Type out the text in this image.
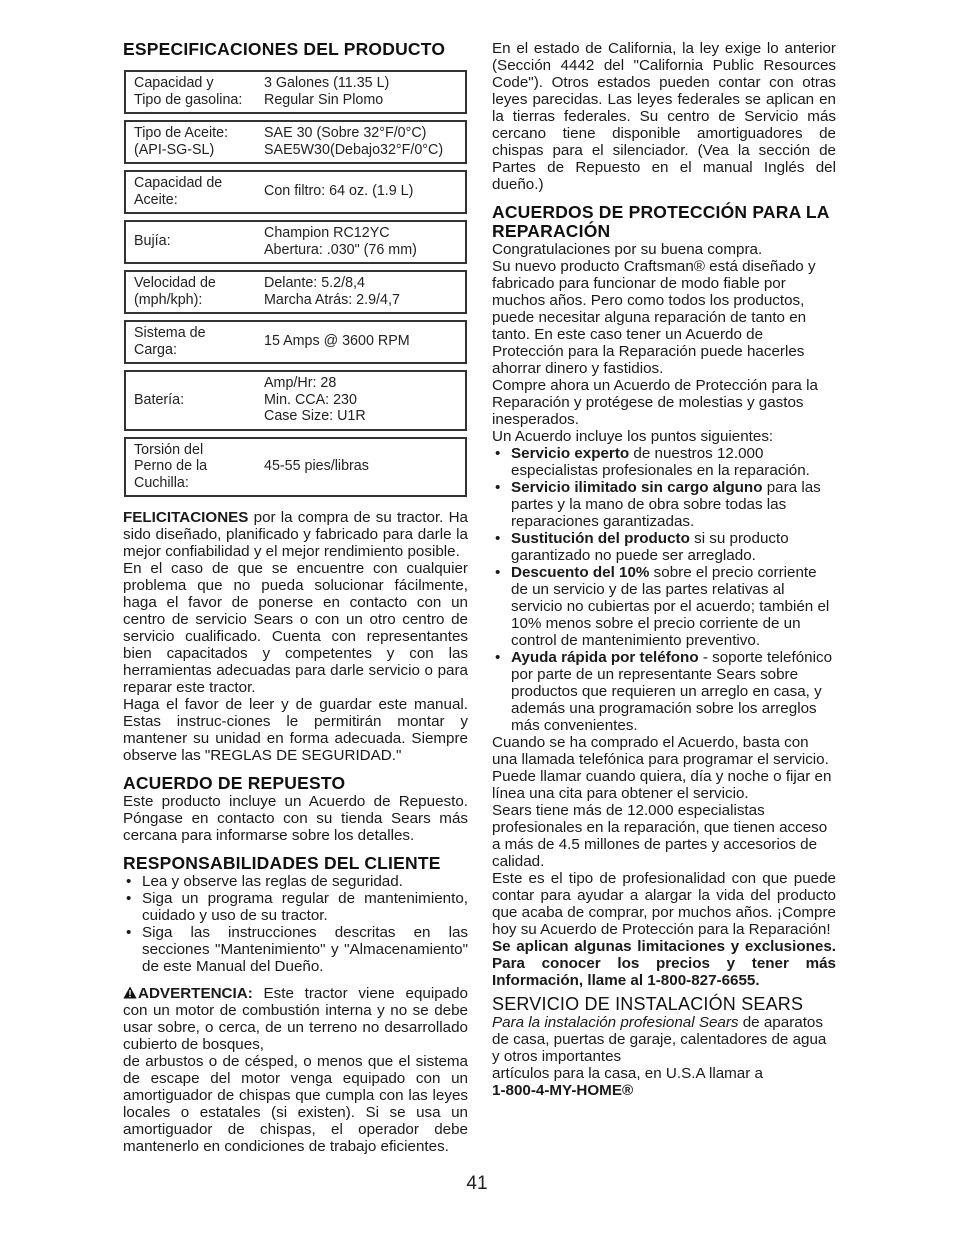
ESPECIFICACIONES DEL PRODUCTO
Capacidad y
Tipo de gasolina:	3 Galones (11.35 L)
Regular Sin Plomo

Tipo de Aceite:
(API-SG-SL)	SAE 30 (Sobre 32°F/0°C)
SAE5W30(Debajo32°F/0°C)

Capacidad de
Aceite:	Con filtro: 64 oz. (1.9 L)

Bujía:	Champion RC12YC
Abertura: .030" (76 mm)

Velocidad de
(mph/kph):	Delante: 5.2/8,4
Marcha Atrás: 2.9/4,7

Sistema de
Carga:	15 Amps @ 3600 RPM

Batería:	Amp/Hr: 28
Min. CCA: 230
Case Size: U1R

Torsión del
Perno de la
Cuchilla:	45-55 pies/libras

FELICITACIONES por la compra de su tractor. Ha sido diseñado, planificado y fabricado para darle la mejor confiabilidad y el mejor rendimiento posible.

En el caso de que se encuentre con cualquier problema que no pueda solucionar fácilmente, haga el favor de ponerse en contacto con un centro de servicio Sears o con un otro centro de servicio cualificado. Cuenta con representantes bien capacitados y competentes y con las herramientas adecuadas para darle servicio o para reparar este tractor.

Haga el favor de leer y de guardar este manual. Estas instruc-ciones le permitirán montar y mantener su unidad en forma adecuada. Siempre observe las "REGLAS DE SEGURIDAD."

ACUERDO DE REPUESTO

Este producto incluye un Acuerdo de Repuesto. Póngase en contacto con su tienda Sears más cercana para informarse sobre los detalles.

RESPONSABILIDADES DEL CLIENTE
• Lea y observe las reglas de seguridad.
• Siga un programa regular de mantenimiento, cuidado y uso de su tractor.
• Siga las instrucciones descritas en las secciones "Mantenimiento" y "Almacenamiento" de este Manual del Dueño.

ADVERTENCIA: Este tractor viene equipado con un motor de combustión interna y no se debe usar sobre, o cerca, de un terreno no desarrollado cubierto de bosques,

de arbustos o de césped, o menos que el sistema de escape del motor venga equipado con un amortiguador de chispas que cumpla con las leyes locales o estatales (si existen). Si se usa un amortiguador de chispas, el operador debe mantenerlo en condiciones de trabajo eficientes.

En el estado de California, la ley exige lo anterior (Sección 4442 del "California Public Resources Code"). Otros estados pueden contar con otras leyes parecidas. Las leyes federales se aplican en la tierras federales. Su centro de Servicio más cercano tiene disponible amortiguadores de chispas para el silenciador. (Vea la sección de Partes de Repuesto en el manual Inglés del dueño.)

ACUERDOS DE PROTECCIÓN PARA LA REPARACIÓN

Congratulaciones por su buena compra.

Su nuevo producto Craftsman® está diseñado y fabricado para funcionar de modo fiable por muchos años. Pero como todos los productos, puede necesitar alguna reparación de tanto en tanto. En este caso tener un Acuerdo de Protección para la Reparación puede hacerles ahorrar dinero y fastidios.

Compre ahora un Acuerdo de Protección para la Reparación y protégese de molestias y gastos inesperados.

Un Acuerdo incluye los puntos siguientes:

• Servicio experto de nuestros 12.000 especialistas profesionales en la reparación.
• Servicio ilimitado sin cargo alguno para las partes y la mano de obra sobre todas las reparaciones garantizadas.
• Sustitución del producto si su producto garantizado no puede ser arreglado.
• Descuento del 10% sobre el precio corriente de un servicio y de las partes relativas al servicio no cubiertas por el acuerdo; también el 10% menos sobre el precio corriente de un control de mantenimiento preventivo.
• Ayuda rápida por teléfono - soporte telefónico por parte de un representante Sears sobre productos que requieren un arreglo en casa, y además una programación sobre los arreglos más convenientes.

Cuando se ha comprado el Acuerdo, basta con una llamada telefónica para programar el servicio. Puede llamar cuando quiera, día y noche o fijar en línea una cita para obtener el servicio.

Sears tiene más de 12.000 especialistas profesionales en la reparación, que tienen acceso a más de 4.5 millones de partes y accesorios de calidad.

Este es el tipo de profesionalidad con que puede contar para ayudar a alargar la vida del producto que acaba de comprar, por muchos años. ¡Compre hoy su Acuerdo de Protección para la Reparación!

Se aplican algunas limitaciones y exclusiones. Para conocer los precios y tener más Información, llame al 1-800-827-6655.

SERVICIO DE INSTALACIÓN SEARS

Para la instalación profesional Sears de aparatos de casa, puertas de garaje, calentadores de agua y otros importantes

artículos para la casa, en U.S.A llamar a

1-800-4-MY-HOME®

41
